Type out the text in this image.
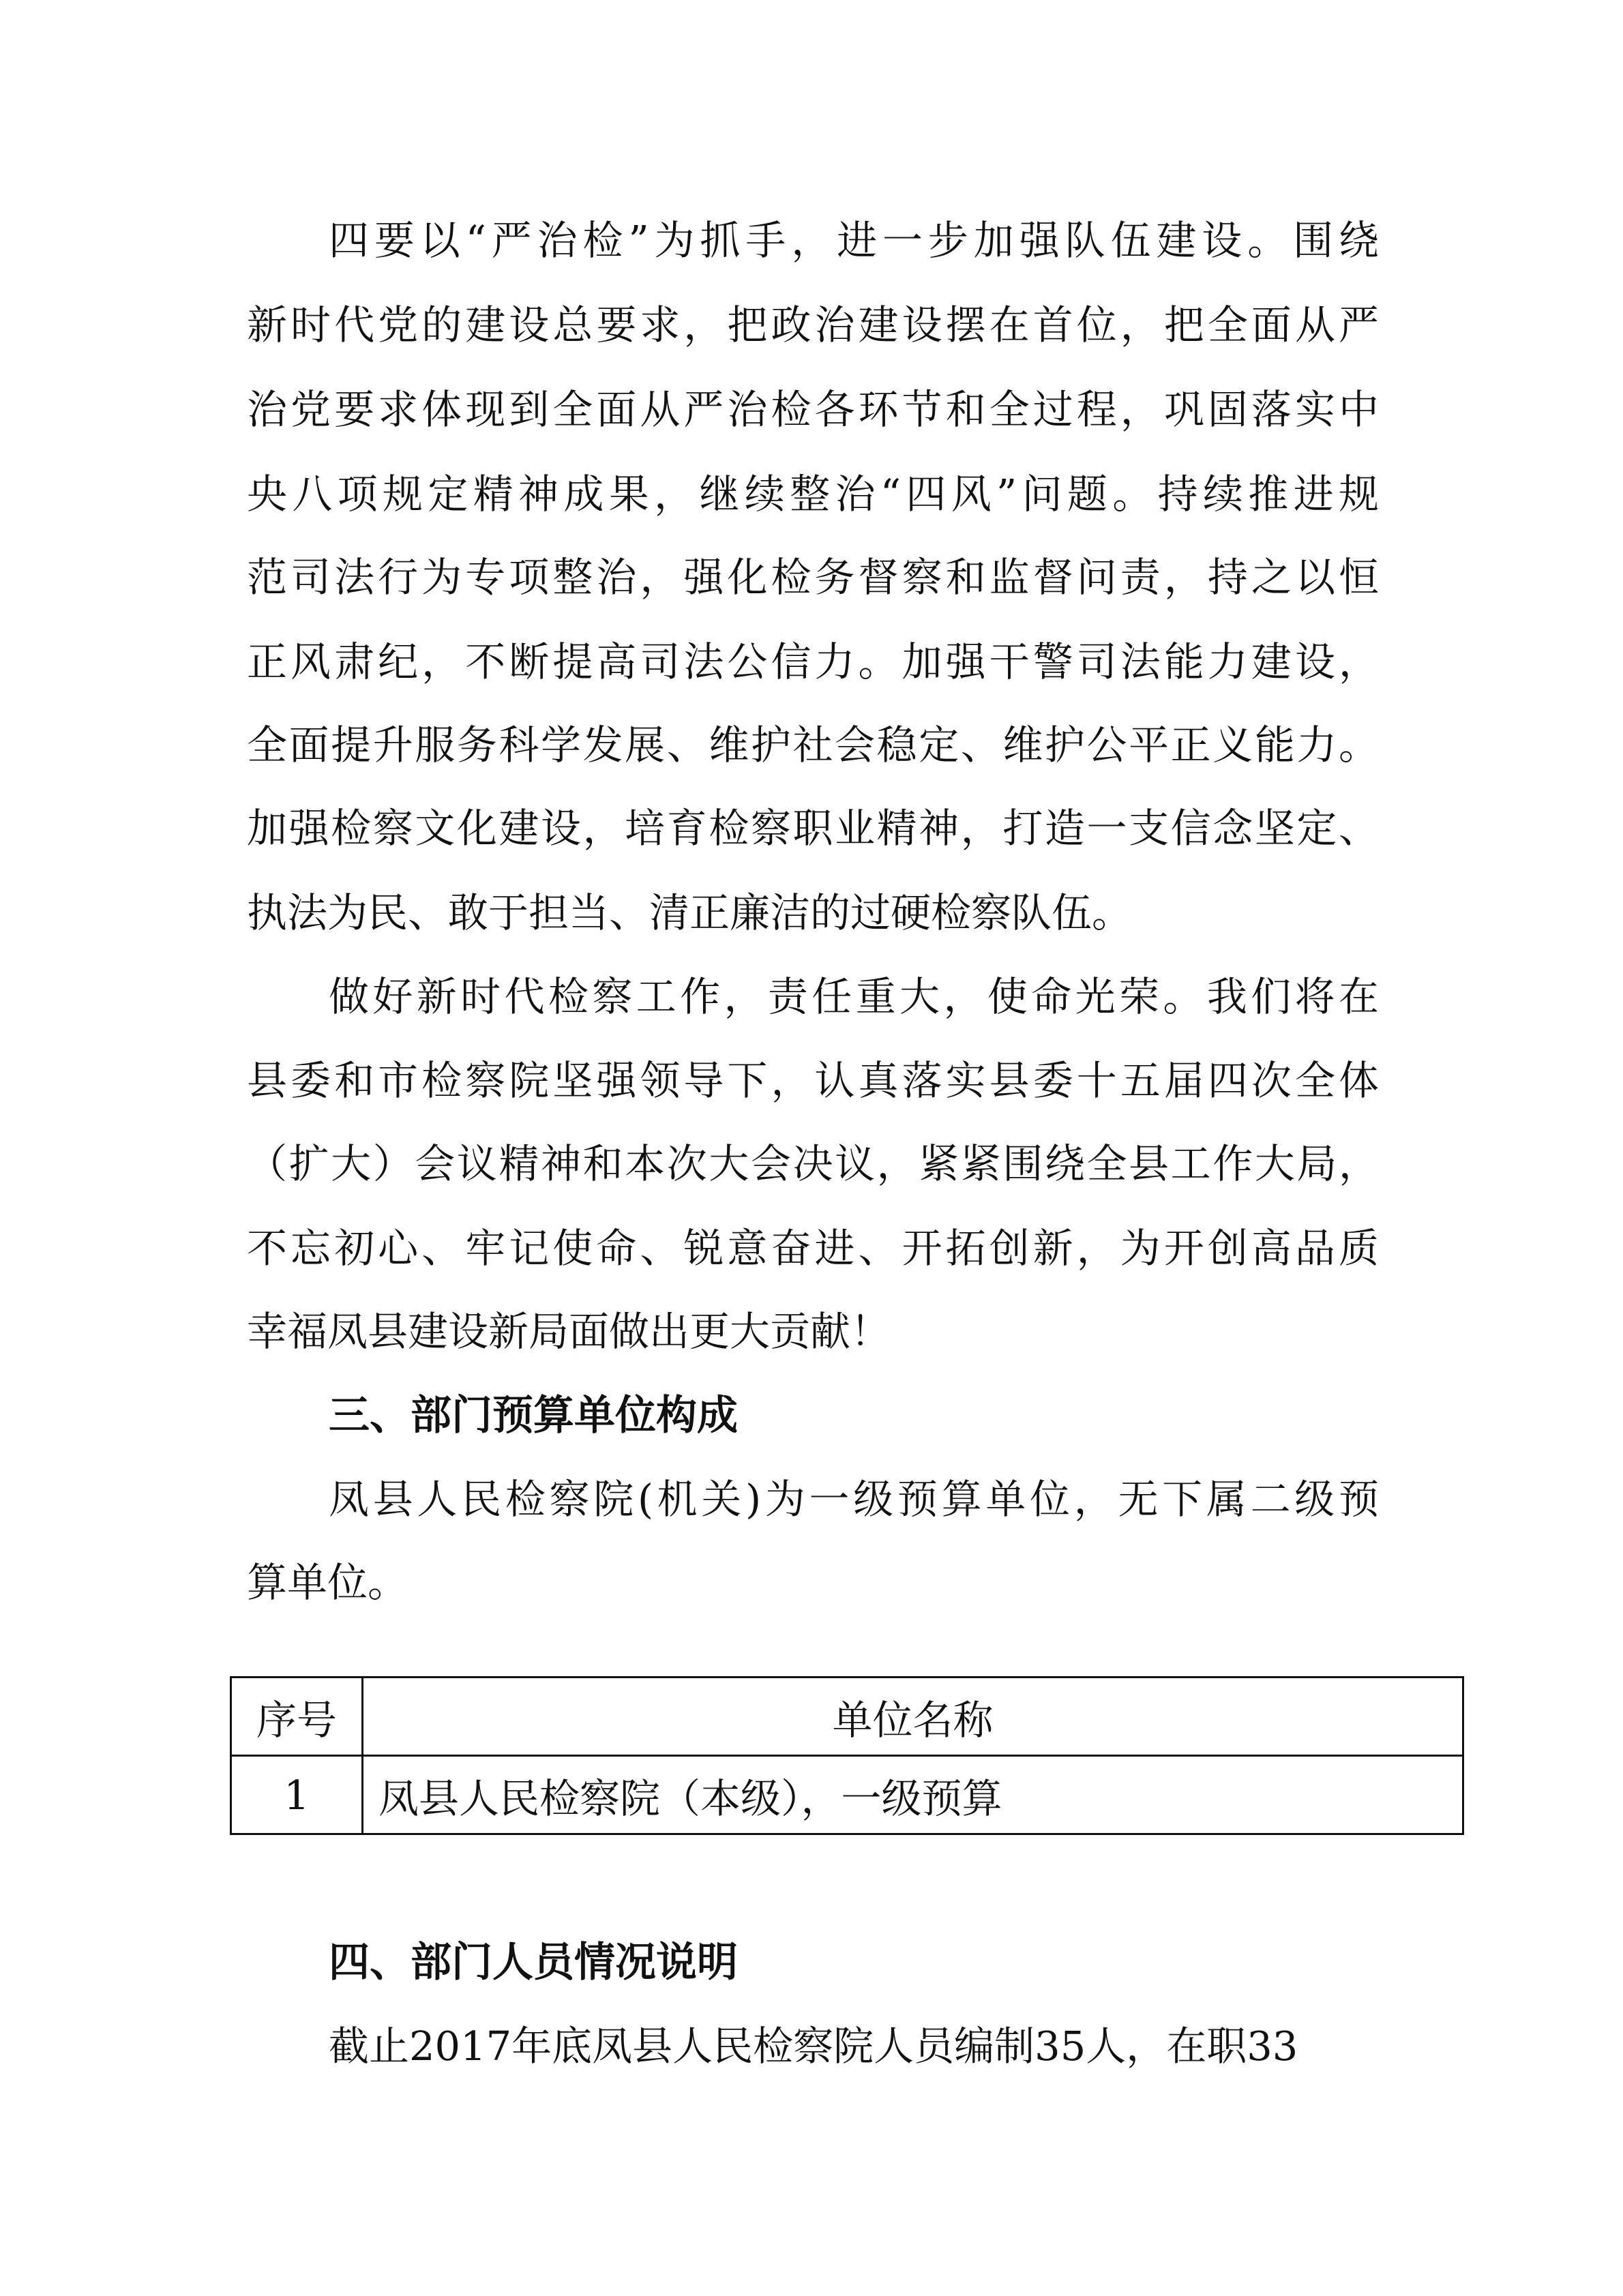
四要以“严治检”为抓手，进一步加强队伍建设。围绕
新时代党的建设总要求，把政治建设摆在首位，把全面从严
治党要求体现到全面从严治检各环节和全过程，巩固落实中
央八项规定精神成果，继续整治“四风”问题。持续推进规
范司法行为专项整治，强化检务督察和监督问责，持之以恒
正风肃纪，不断提高司法公信力。加强干警司法能力建设，
全面提升服务科学发展、维护社会稳定、维护公平正义能力。
加强检察文化建设，培育检察职业精神，打造一支信念坚定、
执法为民、敢于担当、清正廉洁的过硬检察队伍。
做好新时代检察工作，责任重大，使命光荣。我们将在
县委和市检察院坚强领导下，认真落实县委十五届四次全体
（扩大）会议精神和本次大会决议，紧紧围绕全县工作大局，
不忘初心、牢记使命、锐意奋进、开拓创新，为开创高品质
幸福凤县建设新局面做出更大贡献！
三、部门预算单位构成
凤县人民检察院(机关)为一级预算单位，无下属二级预
算单位。
序号	单位名称
1	凤县人民检察院（本级），一级预算
四、部门人员情况说明
截止2017年底凤县人民检察院人员编制35人，在职33
